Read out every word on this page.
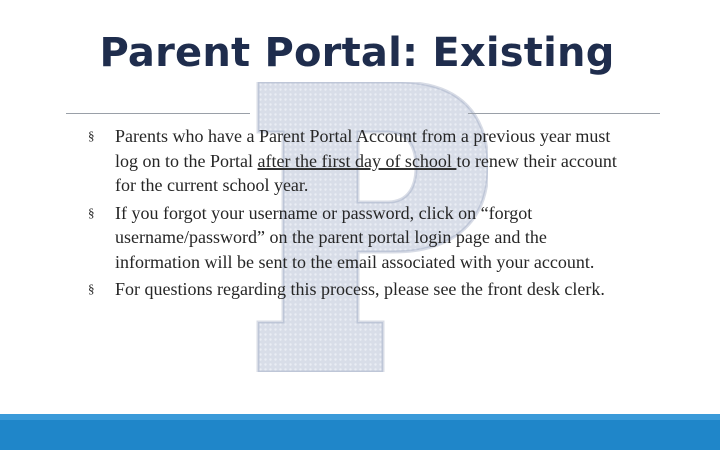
Parent Portal: Existing
§ Parents who have a Parent Portal Account from a previous year must log on to the Portal after the first day of school to renew their account for the current school year.
§ If you forgot your username or password, click on “forgot username/password” on the parent portal login page and the information will be sent to the email associated with your account.
§ For questions regarding this process, please see the front desk clerk.
